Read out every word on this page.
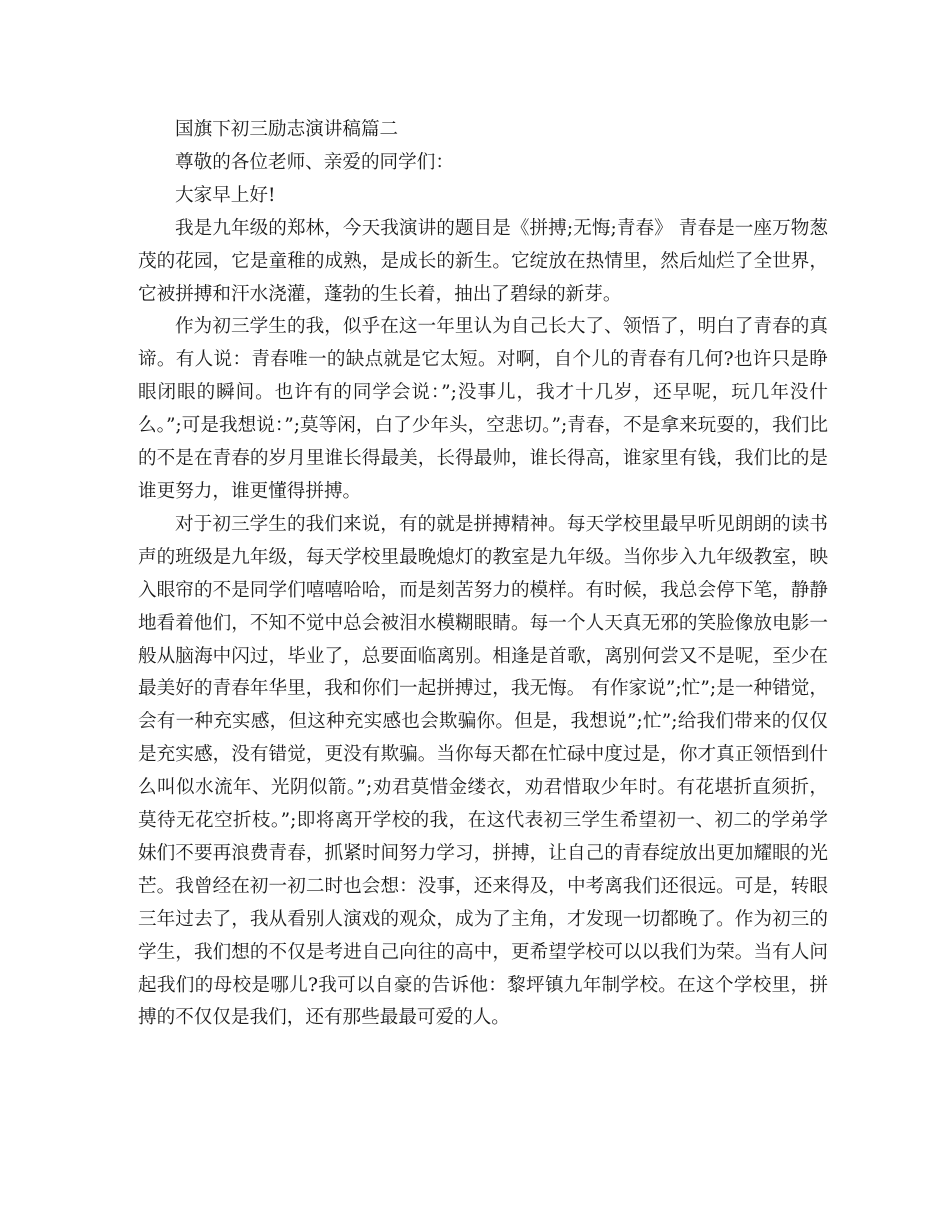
国旗下初三励志演讲稿篇二
尊敬的各位老师、亲爱的同学们：
大家早上好!

我是九年级的郑林，今天我演讲的题目是《拼搏;无悔;青春》 青春是一座万物葱茂的花园，它是童稚的成熟，是成长的新生。它绽放在热情里，然后灿烂了全世界，它被拼搏和汗水浇灌，蓬勃的生长着，抽出了碧绿的新芽。

作为初三学生的我，似乎在这一年里认为自己长大了、领悟了，明白了青春的真谛。有人说：青春唯一的缺点就是它太短。对啊，自个儿的青春有几何?也许只是睁眼闭眼的瞬间。也许有的同学会说：”;没事儿，我才十几岁，还早呢，玩几年没什么。”;可是我想说：”;莫等闲，白了少年头，空悲切。”;青春，不是拿来玩耍的，我们比的不是在青春的岁月里谁长得最美，长得最帅，谁长得高，谁家里有钱，我们比的是谁更努力，谁更懂得拼搏。

对于初三学生的我们来说，有的就是拼搏精神。每天学校里最早听见朗朗的读书声的班级是九年级，每天学校里最晚熄灯的教室是九年级。当你步入九年级教室，映入眼帘的不是同学们嘻嘻哈哈，而是刻苦努力的模样。有时候，我总会停下笔，静静地看着他们，不知不觉中总会被泪水模糊眼睛。每一个人天真无邪的笑脸像放电影一般从脑海中闪过，毕业了，总要面临离别。相逢是首歌，离别何尝又不是呢，至少在最美好的青春年华里，我和你们一起拼搏过，我无悔。 有作家说”;忙”;是一种错觉，会有一种充实感，但这种充实感也会欺骗你。但是，我想说”;忙”;给我们带来的仅仅是充实感，没有错觉，更没有欺骗。当你每天都在忙碌中度过是，你才真正领悟到什么叫似水流年、光阴似箭。”;劝君莫惜金缕衣，劝君惜取少年时。有花堪折直须折，莫待无花空折枝。”;即将离开学校的我，在这代表初三学生希望初一、初二的学弟学妹们不要再浪费青春，抓紧时间努力学习，拼搏，让自己的青春绽放出更加耀眼的光芒。我曾经在初一初二时也会想：没事，还来得及，中考离我们还很远。可是，转眼三年过去了，我从看别人演戏的观众，成为了主角，才发现一切都晚了。作为初三的学生，我们想的不仅是考进自己向往的高中，更希望学校可以以我们为荣。当有人问起我们的母校是哪儿?我可以自豪的告诉他：黎坪镇九年制学校。在这个学校里，拼搏的不仅仅是我们，还有那些最最可爱的人。
